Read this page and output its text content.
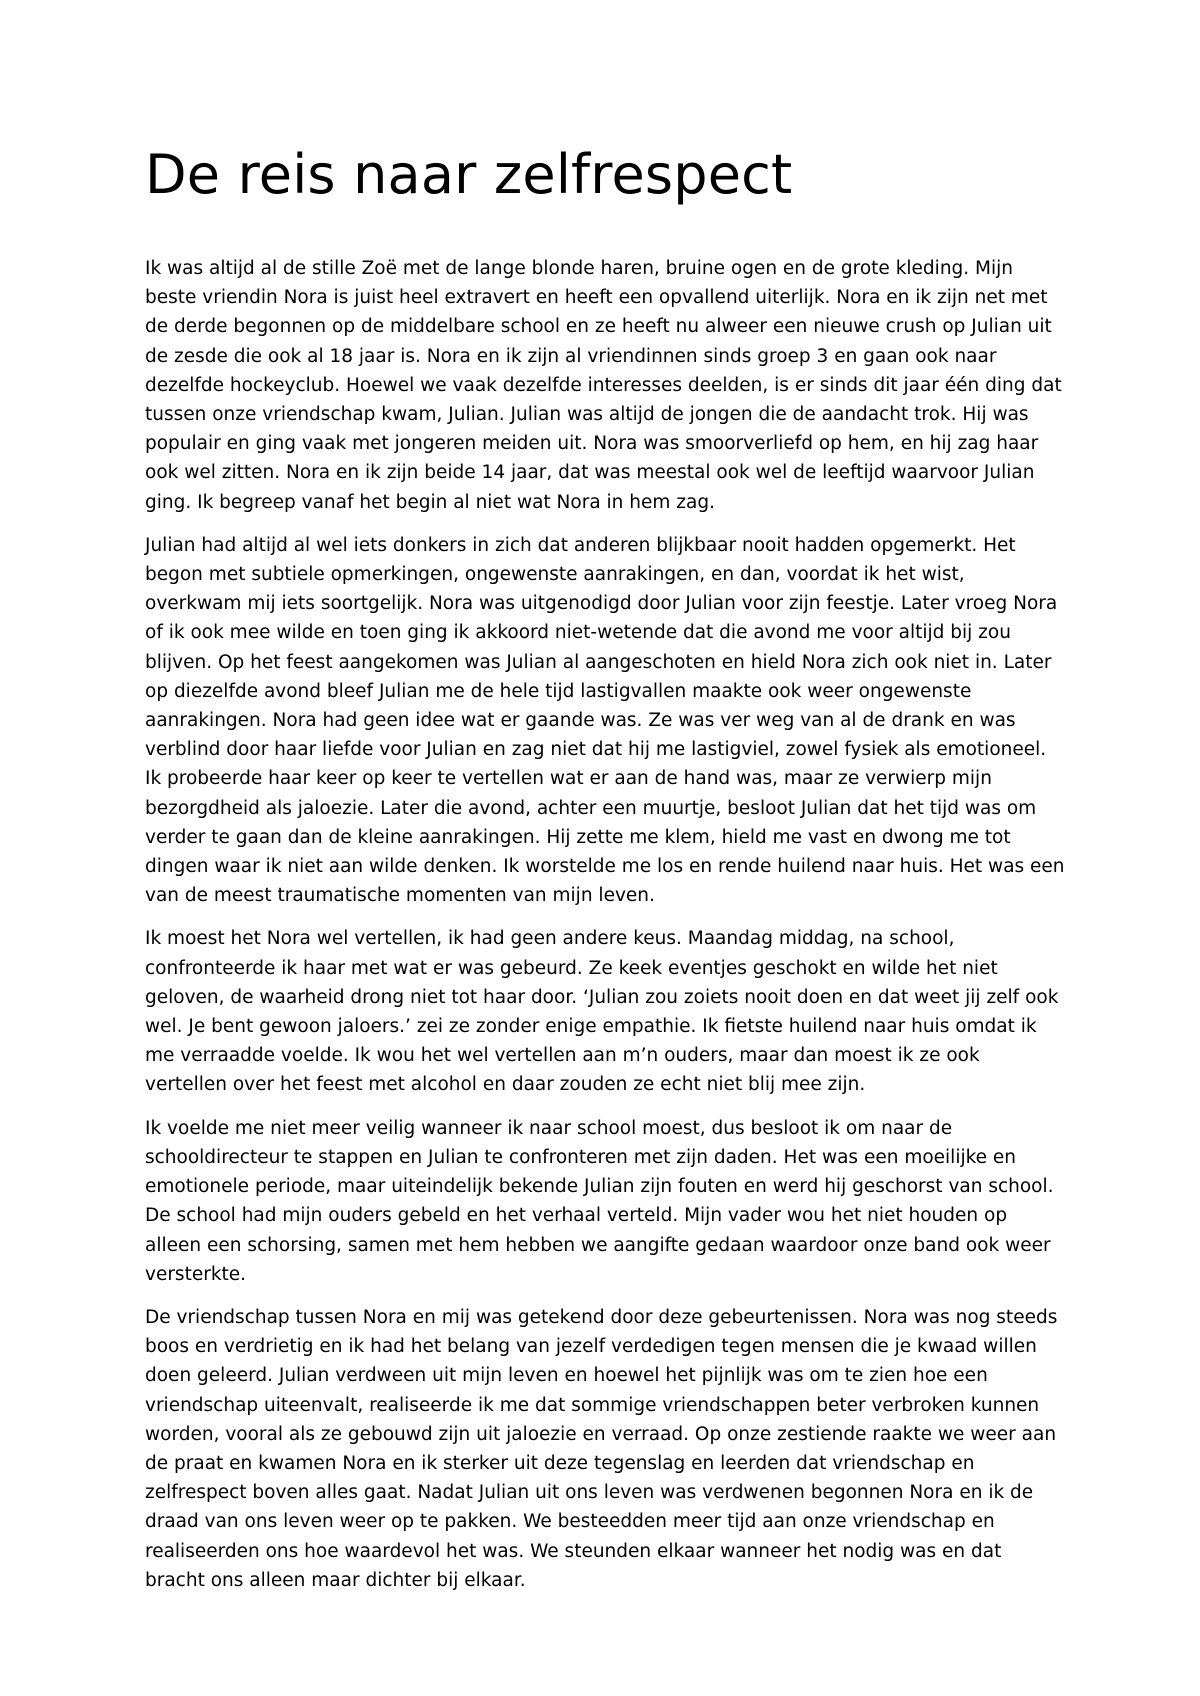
De reis naar zelfrespect

Ik was altijd al de stille Zoë met de lange blonde haren, bruine ogen en de grote kleding. Mijn beste vriendin Nora is juist heel extravert en heeft een opvallend uiterlijk. Nora en ik zijn net met de derde begonnen op de middelbare school en ze heeft nu alweer een nieuwe crush op Julian uit de zesde die ook al 18 jaar is. Nora en ik zijn al vriendinnen sinds groep 3 en gaan ook naar dezelfde hockeyclub. Hoewel we vaak dezelfde interesses deelden, is er sinds dit jaar één ding dat tussen onze vriendschap kwam, Julian. Julian was altijd de jongen die de aandacht trok. Hij was populair en ging vaak met jongeren meiden uit. Nora was smoorverliefd op hem, en hij zag haar ook wel zitten. Nora en ik zijn beide 14 jaar, dat was meestal ook wel de leeftijd waarvoor Julian ging. Ik begreep vanaf het begin al niet wat Nora in hem zag.

Julian had altijd al wel iets donkers in zich dat anderen blijkbaar nooit hadden opgemerkt. Het begon met subtiele opmerkingen, ongewenste aanrakingen, en dan, voordat ik het wist, overkwam mij iets soortgelijk. Nora was uitgenodigd door Julian voor zijn feestje. Later vroeg Nora of ik ook mee wilde en toen ging ik akkoord niet-wetende dat die avond me voor altijd bij zou blijven. Op het feest aangekomen was Julian al aangeschoten en hield Nora zich ook niet in. Later op diezelfde avond bleef Julian me de hele tijd lastigvallen maakte ook weer ongewenste aanrakingen. Nora had geen idee wat er gaande was. Ze was ver weg van al de drank en was verblind door haar liefde voor Julian en zag niet dat hij me lastigviel, zowel fysiek als emotioneel. Ik probeerde haar keer op keer te vertellen wat er aan de hand was, maar ze verwierp mijn bezorgdheid als jaloezie. Later die avond, achter een muurtje, besloot Julian dat het tijd was om verder te gaan dan de kleine aanrakingen. Hij zette me klem, hield me vast en dwong me tot dingen waar ik niet aan wilde denken. Ik worstelde me los en rende huilend naar huis. Het was een van de meest traumatische momenten van mijn leven.

Ik moest het Nora wel vertellen, ik had geen andere keus. Maandag middag, na school, confronteerde ik haar met wat er was gebeurd. Ze keek eventjes geschokt en wilde het niet geloven, de waarheid drong niet tot haar door. ‘Julian zou zoiets nooit doen en dat weet jij zelf ook wel. Je bent gewoon jaloers.’ zei ze zonder enige empathie. Ik fietste huilend naar huis omdat ik me verraadde voelde. Ik wou het wel vertellen aan m’n ouders, maar dan moest ik ze ook vertellen over het feest met alcohol en daar zouden ze echt niet blij mee zijn.

Ik voelde me niet meer veilig wanneer ik naar school moest, dus besloot ik om naar de schooldirecteur te stappen en Julian te confronteren met zijn daden. Het was een moeilijke en emotionele periode, maar uiteindelijk bekende Julian zijn fouten en werd hij geschorst van school. De school had mijn ouders gebeld en het verhaal verteld. Mijn vader wou het niet houden op alleen een schorsing, samen met hem hebben we aangifte gedaan waardoor onze band ook weer versterkte.

De vriendschap tussen Nora en mij was getekend door deze gebeurtenissen. Nora was nog steeds boos en verdrietig en ik had het belang van jezelf verdedigen tegen mensen die je kwaad willen doen geleerd. Julian verdween uit mijn leven en hoewel het pijnlijk was om te zien hoe een vriendschap uiteenvalt, realiseerde ik me dat sommige vriendschappen beter verbroken kunnen worden, vooral als ze gebouwd zijn uit jaloezie en verraad. Op onze zestiende raakte we weer aan de praat en kwamen Nora en ik sterker uit deze tegenslag en leerden dat vriendschap en zelfrespect boven alles gaat. Nadat Julian uit ons leven was verdwenen begonnen Nora en ik de draad van ons leven weer op te pakken. We besteedden meer tijd aan onze vriendschap en realiseerden ons hoe waardevol het was. We steunden elkaar wanneer het nodig was en dat bracht ons alleen maar dichter bij elkaar.
